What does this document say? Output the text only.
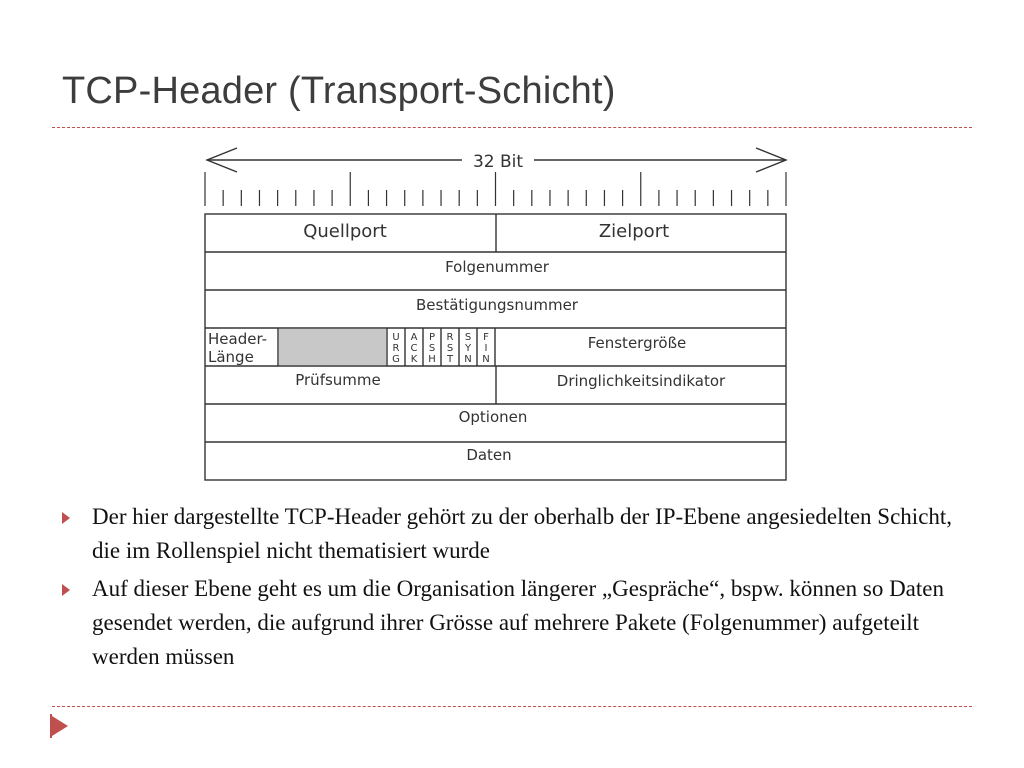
TCP-Header (Transport-Schicht)
32 Bit
Quellport	Zielport
Folgenummer
Bestätigungsnummer
Fenstergröße
Prüfsumme	Dringlichkeitsindikator
Optionen
Daten
Header-
Länge
U
R
G
A
C
K
P
S
H
R
S
T
S
Y
N
F
I
N
Der hier dargestellte TCP-Header gehört zu der oberhalb der IP-Ebene angesiedelten Schicht, die im Rollenspiel nicht thematisiert wurde
Auf dieser Ebene geht es um die Organisation längerer „Gespräche“, bspw. können so Daten gesendet werden, die aufgrund ihrer Grösse auf mehrere Pakete (Folgenummer) aufgeteilt werden müssen
